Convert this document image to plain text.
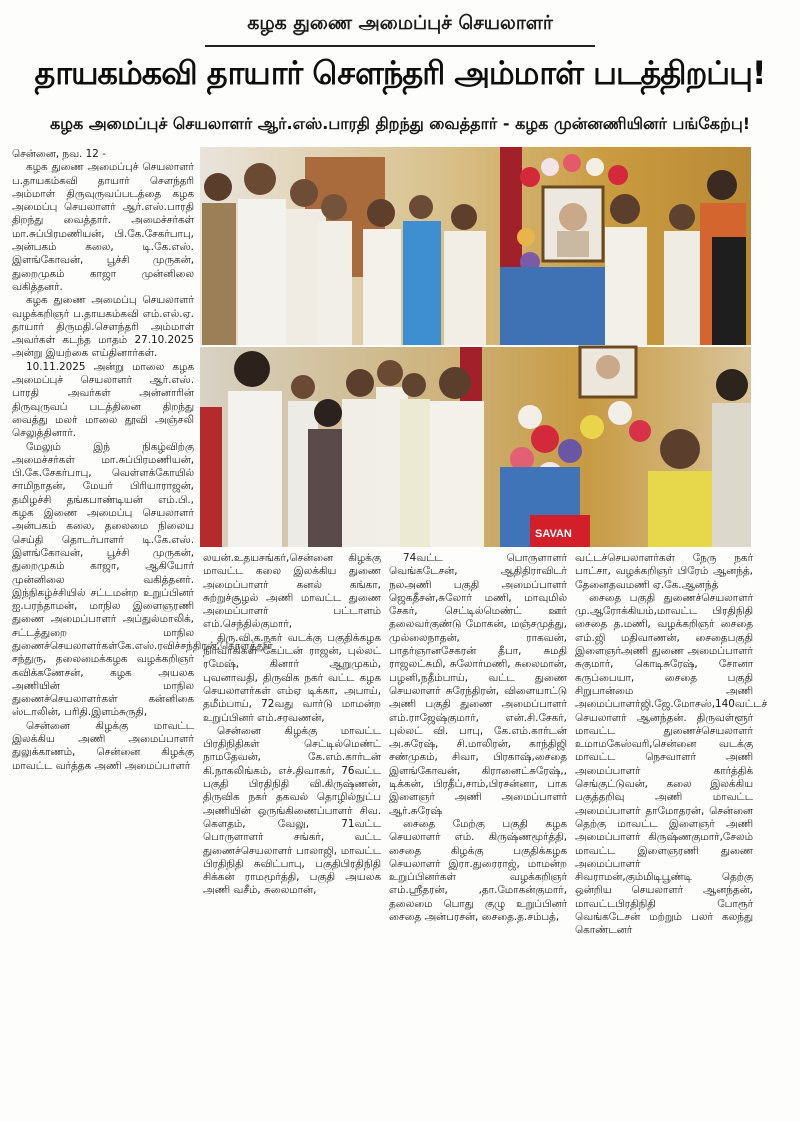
கழக துணை அமைப்புச் செயலாளர்
தாயகம்கவி தாயார் சௌந்தரி அம்மாள் படத்திறப்பு!
கழக அமைப்புச் செயலாளர் ஆர்.எஸ்.பாரதி திறந்து வைத்தார் - கழக முன்னணியினர் பங்கேற்பு!

சென்னை, நவ. 12 -

கழக துணை அமைப்புச் செயலாளர் ப.தாயகம்கவி தாயார் சௌந்தரி அம்மாள் திருவுருவப்படத்தை கழக அமைப்பு செயலாளர் ஆர்.எஸ்.பாரதி திறந்து வைத்தார். அமைச்சர்கள் மா.சுப்பிரமணியன், பி.கே.சேகர்பாபு, அன்பகம் கலை, டி.கே.எஸ். இளங்கோவன், பூச்சி முருகன், துறைமுகம் காஜா முன்னிலை வகித்தனர்.

கழக துணை அமைப்பு செயலாளர் வழக்கறிஞர் ப.தாயகம்கவி எம்.எல்.ஏ. தாயார் திருமதி.சௌந்தரி அம்மாள் அவர்கள் கடந்த மாதம் 27.10.2025 அன்று இயற்கை எய்தினார்கள்.

10.11.2025 அன்று மாலை கழக அமைப்புச் செயலாளர் ஆர்.எஸ். பாரதி அவர்கள் அன்னாரின் திருவுருவப் படத்தினை திறந்து வைத்து மலர் மாலை தூவி அஞ்சலி செலுத்தினார்.

மேலும் இந் நிகழ்விற்கு அமைச்சர்கள் மா.சுப்பிரமணியன், பி.கே.சேகர்பாபு, வெள்ளக்கோயில் சாமிநாதன், மேயர் பிரியாராஜன், தமிழச்சி தங்கபாண்டியன் எம்.பி., கழக இணை அமைப்பு செயலாளர் அன்பகம் கலை, தலைமை நிலைய செய்தி தொடர்பாளர் டி.கே.எஸ். இளங்கோவன், பூச்சி முருகன், துறைமுகம் காஜா, ஆகியோர் முன்னிலை வகித்தனர். இந்நிகழ்ச்சியில் சட்டமன்ற உறுப்பினர் ஐ.பரந்தாமன், மாநில இளைஞரணி துணை அமைப்பாளர் அப்துல்மாலிக், சட்டத்துறை மாநில துணைச்செயலாளர்கள்கே.எஸ்.ரவிச்சந்திரன்,கொளத்தூர் சந்துரு, தலைமைக்கழக வழக்கறிஞர் கவிக்கணேசன், கழக அயலக அணியின் மாநில துணைச்செயலாளர்கள் கன்னிகை ஸ்டாலின், பரிதி.இளம்சுருதி,

சென்னை கிழக்கு மாவட்ட இலக்கிய அணி அமைப்பாளர் துலுக்காணம், சென்னை கிழக்கு மாவட்ட வர்த்தக அணி அமைப்பாளர்

SAVAN

லயன்.உதயசங்கர்,சென்னை கிழக்கு மாவட்ட கலை இலக்கிய துணை அமைப்பாளர் கனல் கங்கா, சுற்றுச்சூழல் அணி மாவட்ட துணை அமைப்பாளர் பட்டாளம் எம்.செந்தில்குமார்,

திரு.வி.க.நகர் வடக்கு பகுதிக்கழக நிர்வாகிகள் கேப்டன் ராஜன், புல்லட் ரமேஷ், கினார் ஆறுமுகம், புவனாவதி, திருவிக நகர் வட்ட கழக செயலாளர்கள் எம்ஏ டிக்கா, அபாய், தமீம்பாய், 72வது வார்டு மாமன்ற உறுப்பினர் எம்.சரவணன்,

சென்னை கிழக்கு மாவட்ட பிரதிநிதிகள் செட்டில்மெண்ட் நாமதேவன், கே.எம்.கார்டன் கி.நாகலிங்கம், எச்.திவாகர், 76வட்ட பகுதி பிரதிநிதி வி.கிருஷ்ணன், திருவிக நகர் தகவல் தொழில்நுட்ப அணியின் ஒருங்கிணைப்பாளர் சிவ. கௌதம், வேலு, 71வட்ட பொருளாளர் சங்கர், வட்ட துணைச்செயலாளர் பாலாஜி, மாவட்ட பிரதிநிதி சுவிட்பாபு, பகுதிபிரதிநிதி சிக்கன் ராமமூர்த்தி, பகுதி அயலக அணி வசீம், சுலைமான்,

74வட்ட பொருளாளர் வெங்கடேசன், ஆதிதிராவிடர் நலஅணி பகுதி அமைப்பாளர் ஜெகதீசன்,சுலோர் மணி, மாவுமில் சேகர், செட்டில்மெண்ட் ஊர் தலைவர்குண்டு மோகன், மஞ்சமுத்து, முல்லைநாதன், ராகவன், பாதர்ஞானசேகரன் தீபா, சுமதி ராஜலட்சுமி, சுலோர்மணி, சுலைமான், பழனி,நதீம்பாய், வட்ட துணை செயலாளர் சுரேந்திரன், விளையாட்டு அணி பகுதி துணை அமைப்பாளர் எம்.ராஜேஷ்குமார், என்.சி.சேகர், புல்லட் வி. பாபு, கே.எம்.கார்டன் அ.சுரேஷ், சி.மாலிரன், காந்திஜி சண்முகம், சிவா, பிரகாஷ்,சைதை இளங்கோவன், கிரானைட்சுரேஷ்,, டிக்கன், பிரதீப்,சாம்,பிரசன்னா, பாக இளைஞர் அணி அமைப்பாளர் ஆர்.சுரேஷ்

சைதை மேற்கு பகுதி கழக செயலாளர் எம். கிருஷ்ணமூர்த்தி, சைதை கிழக்கு பகுதிக்கழக செயலாளர் இரா.துரைராஜ், மாமன்ற உறுப்பினர்கள் வழக்கறிஞர் எம்.ஸ்ரீதரன், ,தா.மோகன்குமார், தலைமை பொது குழு உறுப்பினர் சைதை அன்பரசன், சைதை.த.சம்பத்,

வட்டச்செயலாளர்கள் நேரு நகர் பாட்சா, வழக்கறிஞர் பிரேம் ஆனந்த், தேனைதவமணி ஏ.கே.ஆனந்த்

சைதை பகுதி துணைச்செயலாளர் மு.ஆரோக்கியம்,மாவட்ட பிரதிநிதி சைதை த.மணி, வழக்கறிஞர் சைதை எம்.ஜி மதிவாணன், சைதைபகுதி இளைஞர்அணி துணை அமைப்பாளர் சுகுமார், கொடிசுரேஷ், சோனா கருப்பையா, சைதை பகுதி சிறுபான்மை அணி அமைப்பாளர்ஜி.ஜே.மோசஸ்,140வட்டச் செயலாளர் ஆனந்தன். திருவள்ளூர் மாவட்ட துணைச்செயலாளர் உமாமகேஸ்வரி,சென்னை வடக்கு மாவட்ட நெசவாளர் அணி அமைப்பாளர் கார்த்திக் செங்குட்டுவன், கலை இலக்கிய பகுத்தறிவு அணி மாவட்ட அமைப்பாளர் தாமோதரன், சென்னை தெற்கு மாவட்ட இளைஞர் அணி அமைப்பாளர் கிருஷ்ணகுமார்,சேலம் மாவட்ட இளைஞரணி துணை அமைப்பாளர் சிவராமன்,கும்மிடிபூண்டி தெற்கு ஒன்றிய செயலாளர் ஆனந்தன், மாவட்டபிரதிநிதி போரூர் வெங்கடேசன் மற்றும் பலர் கலந்து கொண்டனர்
